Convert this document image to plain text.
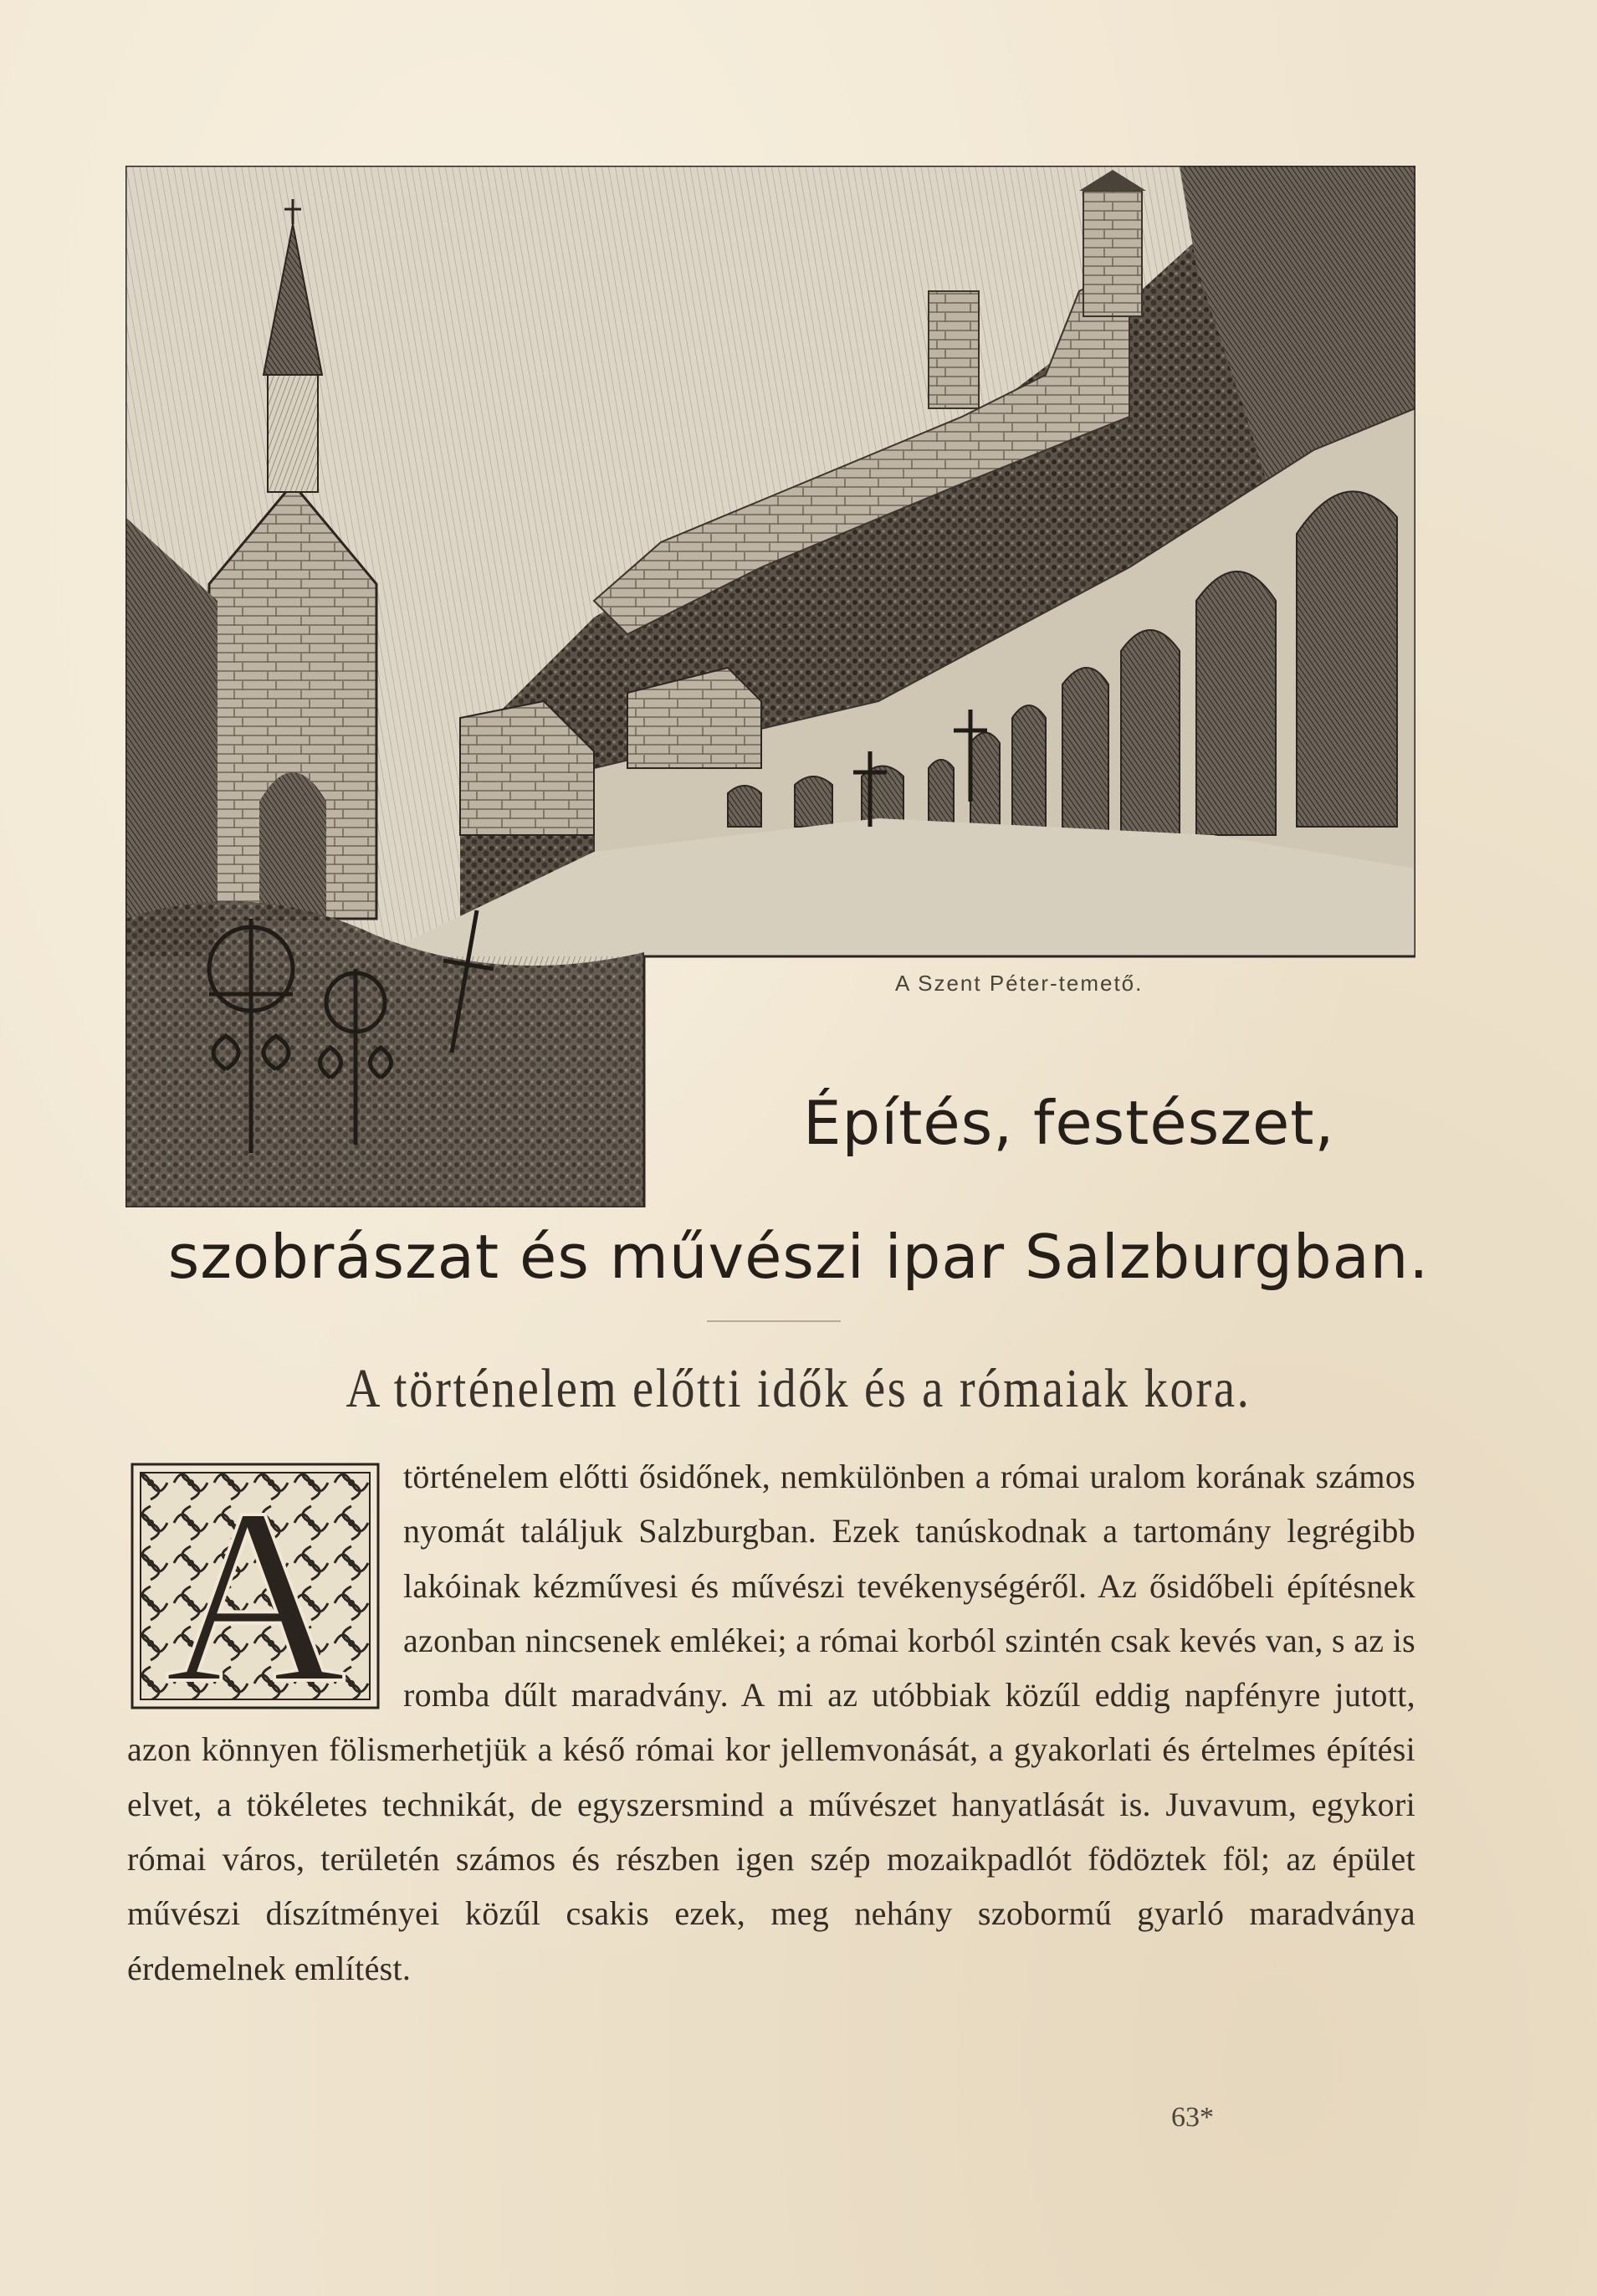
A Szent Péter-temető.
Építés, festészet,
szobrászat és művészi ipar Salzburgban.
A történelem előtti idők és a rómaiak kora.
A	történelem előtti ősidőnek, nemkülönben a római uralom korának számos nyomát találjuk Salzburgban. Ezek tanúskodnak a tartomány legrégibb lakóinak kézművesi és művészi tevékenységéről. Az ősidőbeli építésnek azonban nincsenek emlékei; a római korból szintén csak kevés van, s az is romba dűlt maradvány. A mi az utóbbiak közűl eddig napfényre jutott, azon könnyen fölismerhetjük a késő római kor jellemvonását, a gyakorlati és értelmes építési elvet, a tökéletes technikát, de egyszersmind a művészet hanyatlását is. Juvavum, egykori római város, területén számos és részben igen szép mozaikpadlót födöztek föl; az épület művészi díszítményei közűl csakis ezek, meg nehány szobormű gyarló maradványa érdemelnek említést.

63*
